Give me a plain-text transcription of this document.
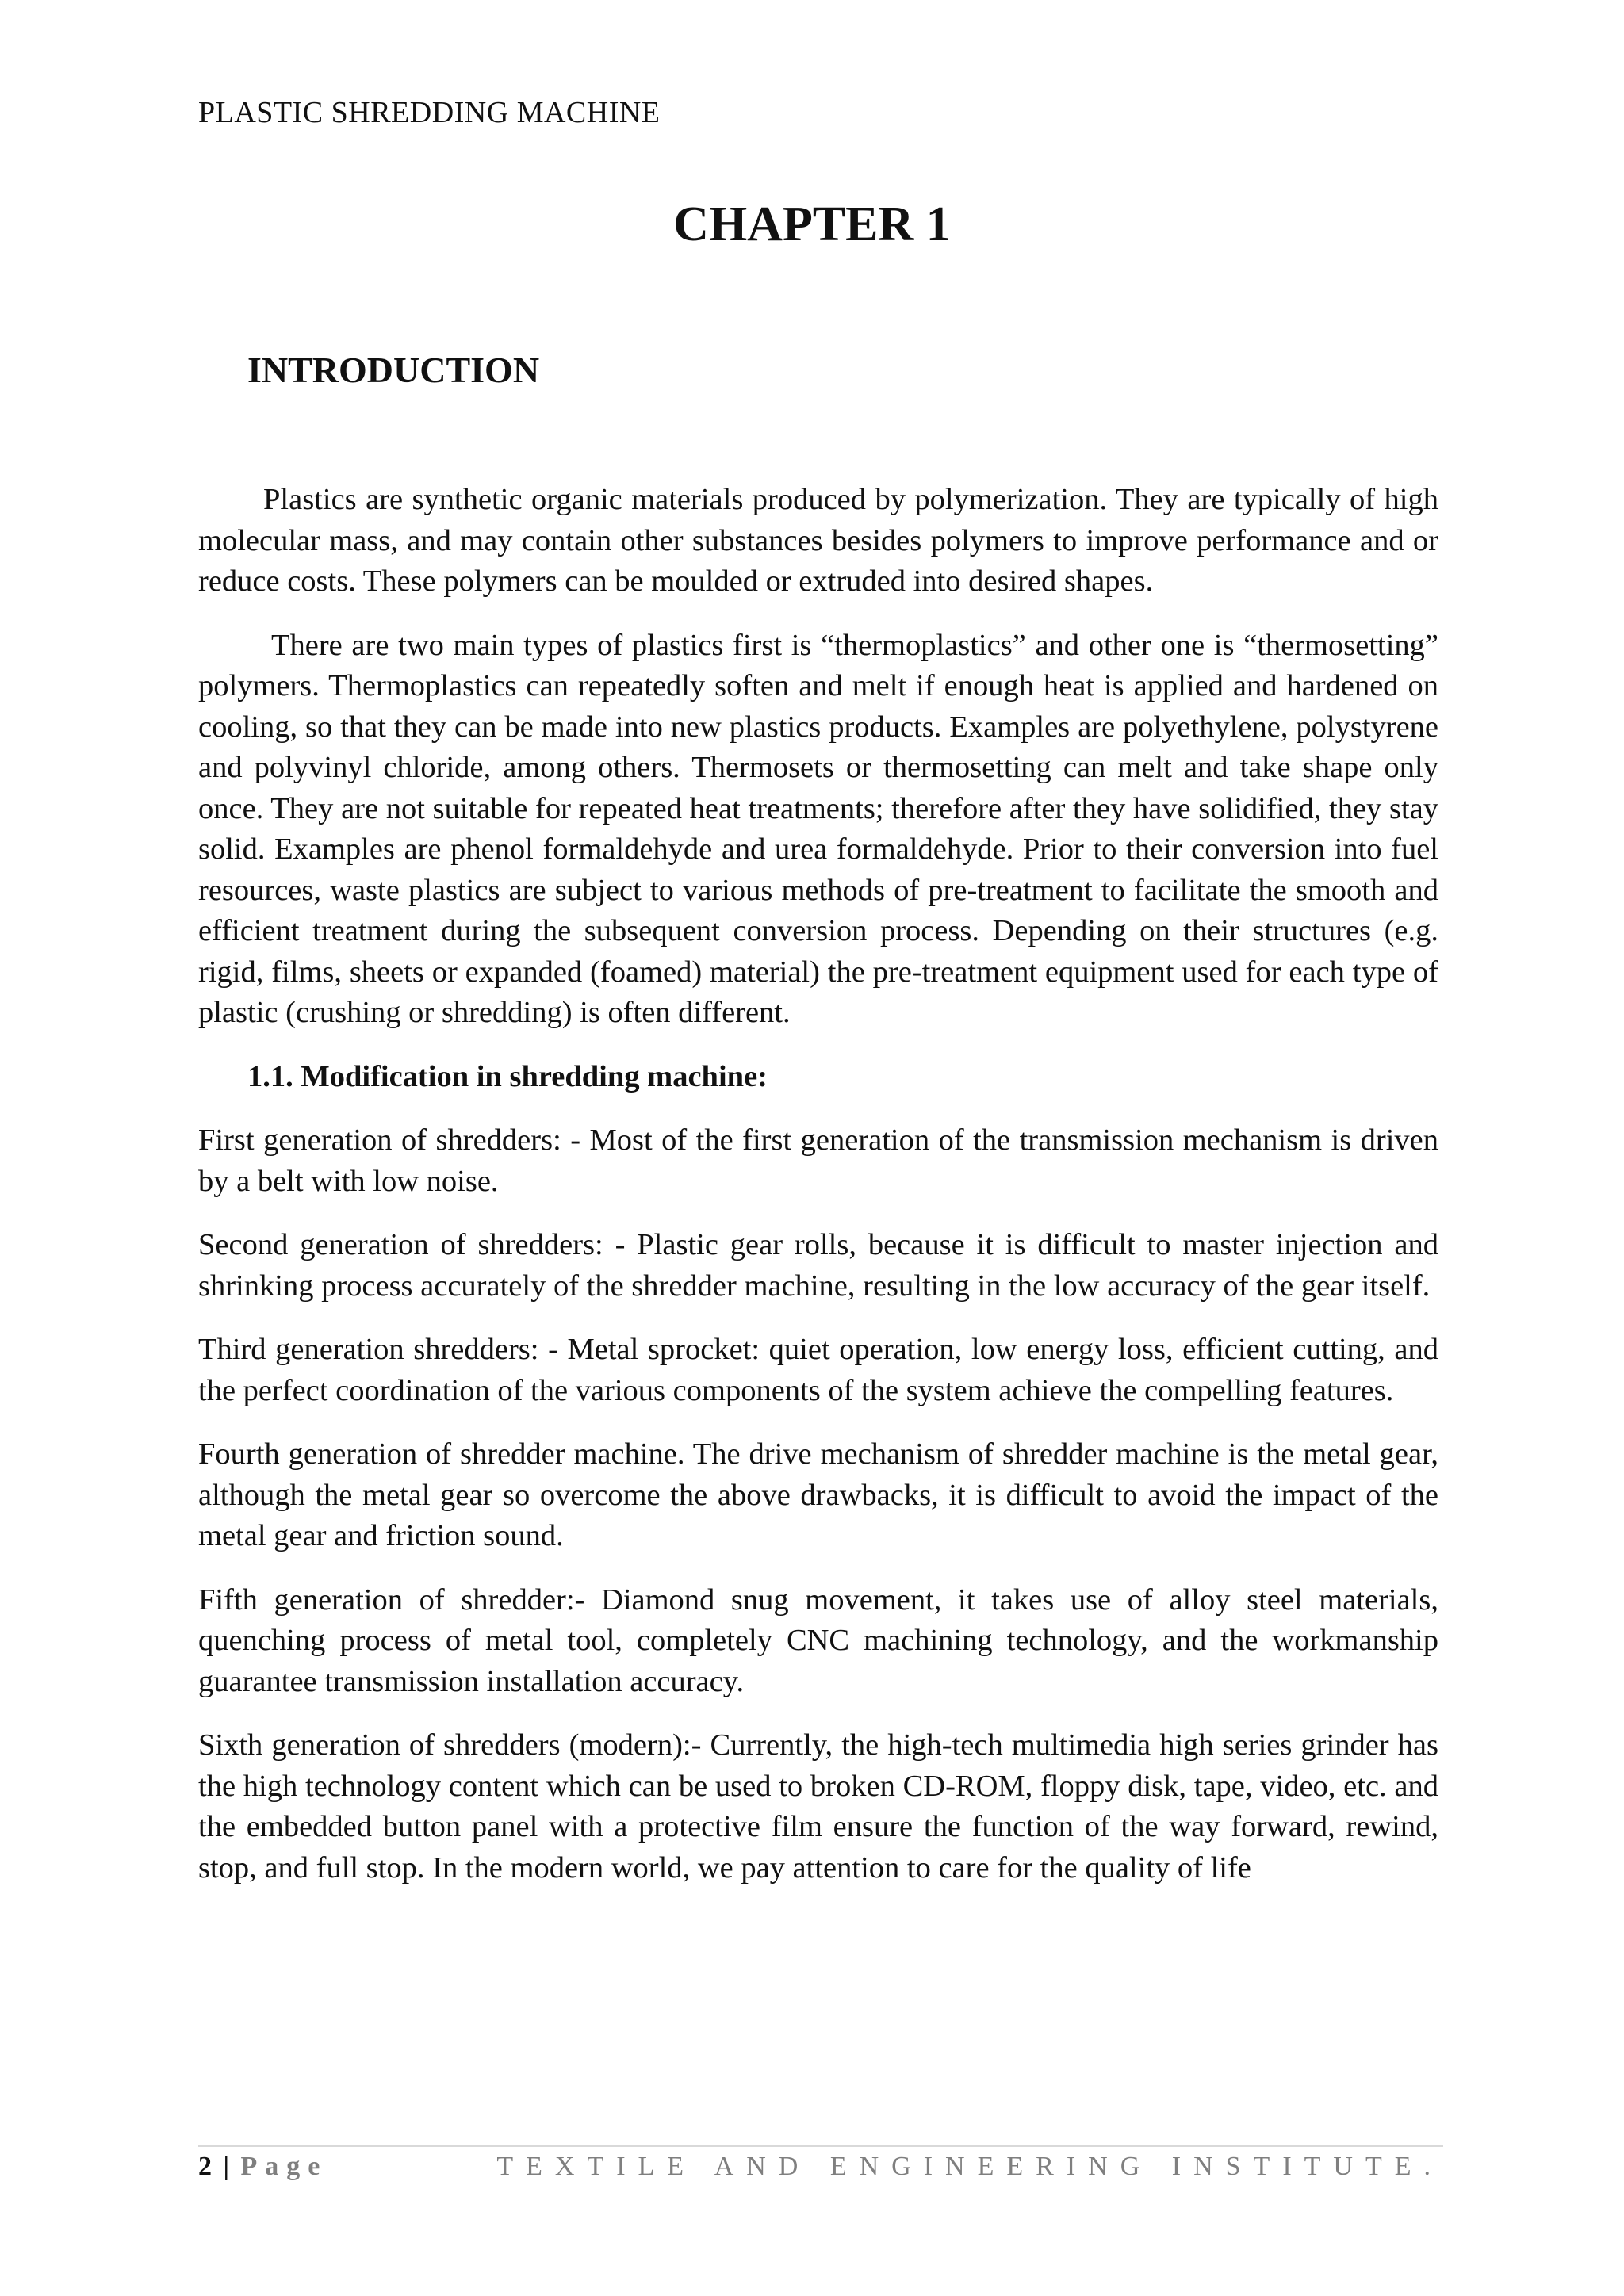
PLASTIC SHREDDING MACHINE
CHAPTER 1
INTRODUCTION

Plastics are synthetic organic materials produced by polymerization. They are typically of high molecular mass, and may contain other substances besides polymers to improve performance and or reduce costs. These polymers can be moulded or extruded into desired shapes.

There are two main types of plastics first is “thermoplastics” and other one is “thermosetting” polymers. Thermoplastics can repeatedly soften and melt if enough heat is applied and hardened on cooling, so that they can be made into new plastics products. Examples are polyethylene, polystyrene and polyvinyl chloride, among others. Thermosets or thermosetting can melt and take shape only once. They are not suitable for repeated heat treatments; therefore after they have solidified, they stay solid. Examples are phenol formaldehyde and urea formaldehyde. Prior to their conversion into fuel resources, waste plastics are subject to various methods of pre-treatment to facilitate the smooth and efficient treatment during the subsequent conversion process. Depending on their structures (e.g. rigid, films, sheets or expanded (foamed) material) the pre-treatment equipment used for each type of plastic (crushing or shredding) is often different.

1.1. Modification in shredding machine:

First generation of shredders: - Most of the first generation of the transmission mechanism is driven by a belt with low noise.

Second generation of shredders: - Plastic gear rolls, because it is difficult to master injection and shrinking process accurately of the shredder machine, resulting in the low accuracy of the gear itself.

Third generation shredders: - Metal sprocket: quiet operation, low energy loss, efficient cutting, and the perfect coordination of the various components of the system achieve the compelling features.

Fourth generation of shredder machine. The drive mechanism of shredder machine is the metal gear, although the metal gear so overcome the above drawbacks, it is difficult to avoid the impact of the metal gear and friction sound.

Fifth generation of shredder:- Diamond snug movement, it takes use of alloy steel materials, quenching process of metal tool, completely CNC machining technology, and the workmanship guarantee transmission installation accuracy.

Sixth generation of shredders (modern):- Currently, the high-tech multimedia high series grinder has the high technology content which can be used to broken CD-ROM, floppy disk, tape, video, etc. and the embedded button panel with a protective film ensure the function of the way forward, rewind, stop, and full stop. In the modern world, we pay attention to care for the quality of life

2 | Page	TEXTILE AND ENGINEERING INSTITUTE.
